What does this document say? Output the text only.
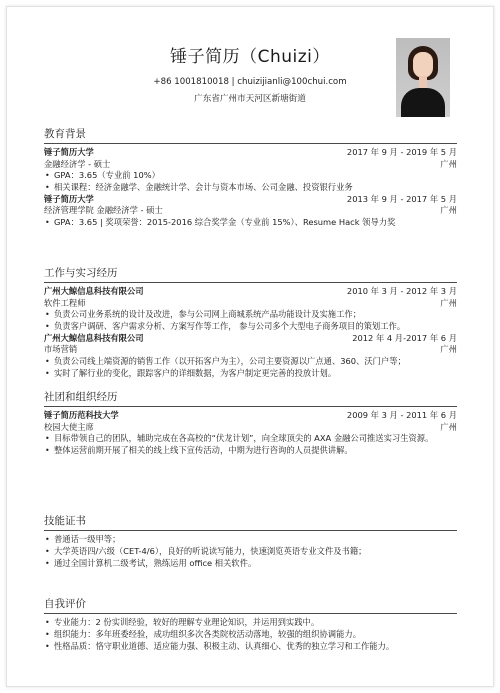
锤子简历（Chuizi）
+86 1001810018 | chuizijianli@100chui.com
广东省广州市天河区新塘街道
教育背景
锤子简历大学	2017 年 9 月 - 2019 年 5 月
金融经济学 - 硕士	广州
• GPA：3.65（专业前 10%）
• 相关课程：经济金融学、金融统计学、会计与资本市场、公司金融、投资银行业务
锤子简历大学	2013 年 9 月 - 2017 年 5 月
经济管理学院 金融经济学 - 硕士	广州
• GPA：3.65 | 奖项荣誉：2015-2016 综合奖学金（专业前 15%）、Resume Hack 领导力奖
工作与实习经历
广州大鲸信息科技有限公司	2010 年 3 月 - 2012 年 3 月
软件工程师	广州
• 负责公司业务系统的设计及改进，参与公司网上商城系统产品功能设计及实施工作；
• 负责客户调研、客户需求分析、方案写作等工作， 参与公司多个大型电子商务项目的策划工作。
广州大鲸信息科技有限公司	2012 年 4 月-2017 年 6 月
市场营销	广州
• 负责公司线上端资源的销售工作（以开拓客户为主），公司主要资源以广点通、360、沃门户等；
• 实时了解行业的变化，跟踪客户的详细数据，为客户制定更完善的投放计划。
社团和组织经历
锤子简历范科技大学	2009 年 3 月 - 2011 年 6 月
校园大使主席	广州
• 目标带领自己的团队，辅助完成在各高校的“伏龙计划”，向全球顶尖的 AXA 金融公司推送实习生资源。
• 整体运营前期开展了相关的线上线下宣传活动，中期为进行咨询的人员提供讲解。
技能证书
• 普通话一级甲等；
• 大学英语四/六级（CET-4/6），良好的听说读写能力，快速浏览英语专业文件及书籍；
• 通过全国计算机二级考试，熟练运用 office 相关软件。
自我评价
• 专业能力：2 份实训经验，较好的理解专业理论知识，并运用到实践中。
• 组织能力：多年班委经验，成功组织多次各类院校活动落地，较强的组织协调能力。
• 性格品质：恪守职业道德、适应能力强、积极主动、认真细心、优秀的独立学习和工作能力。
